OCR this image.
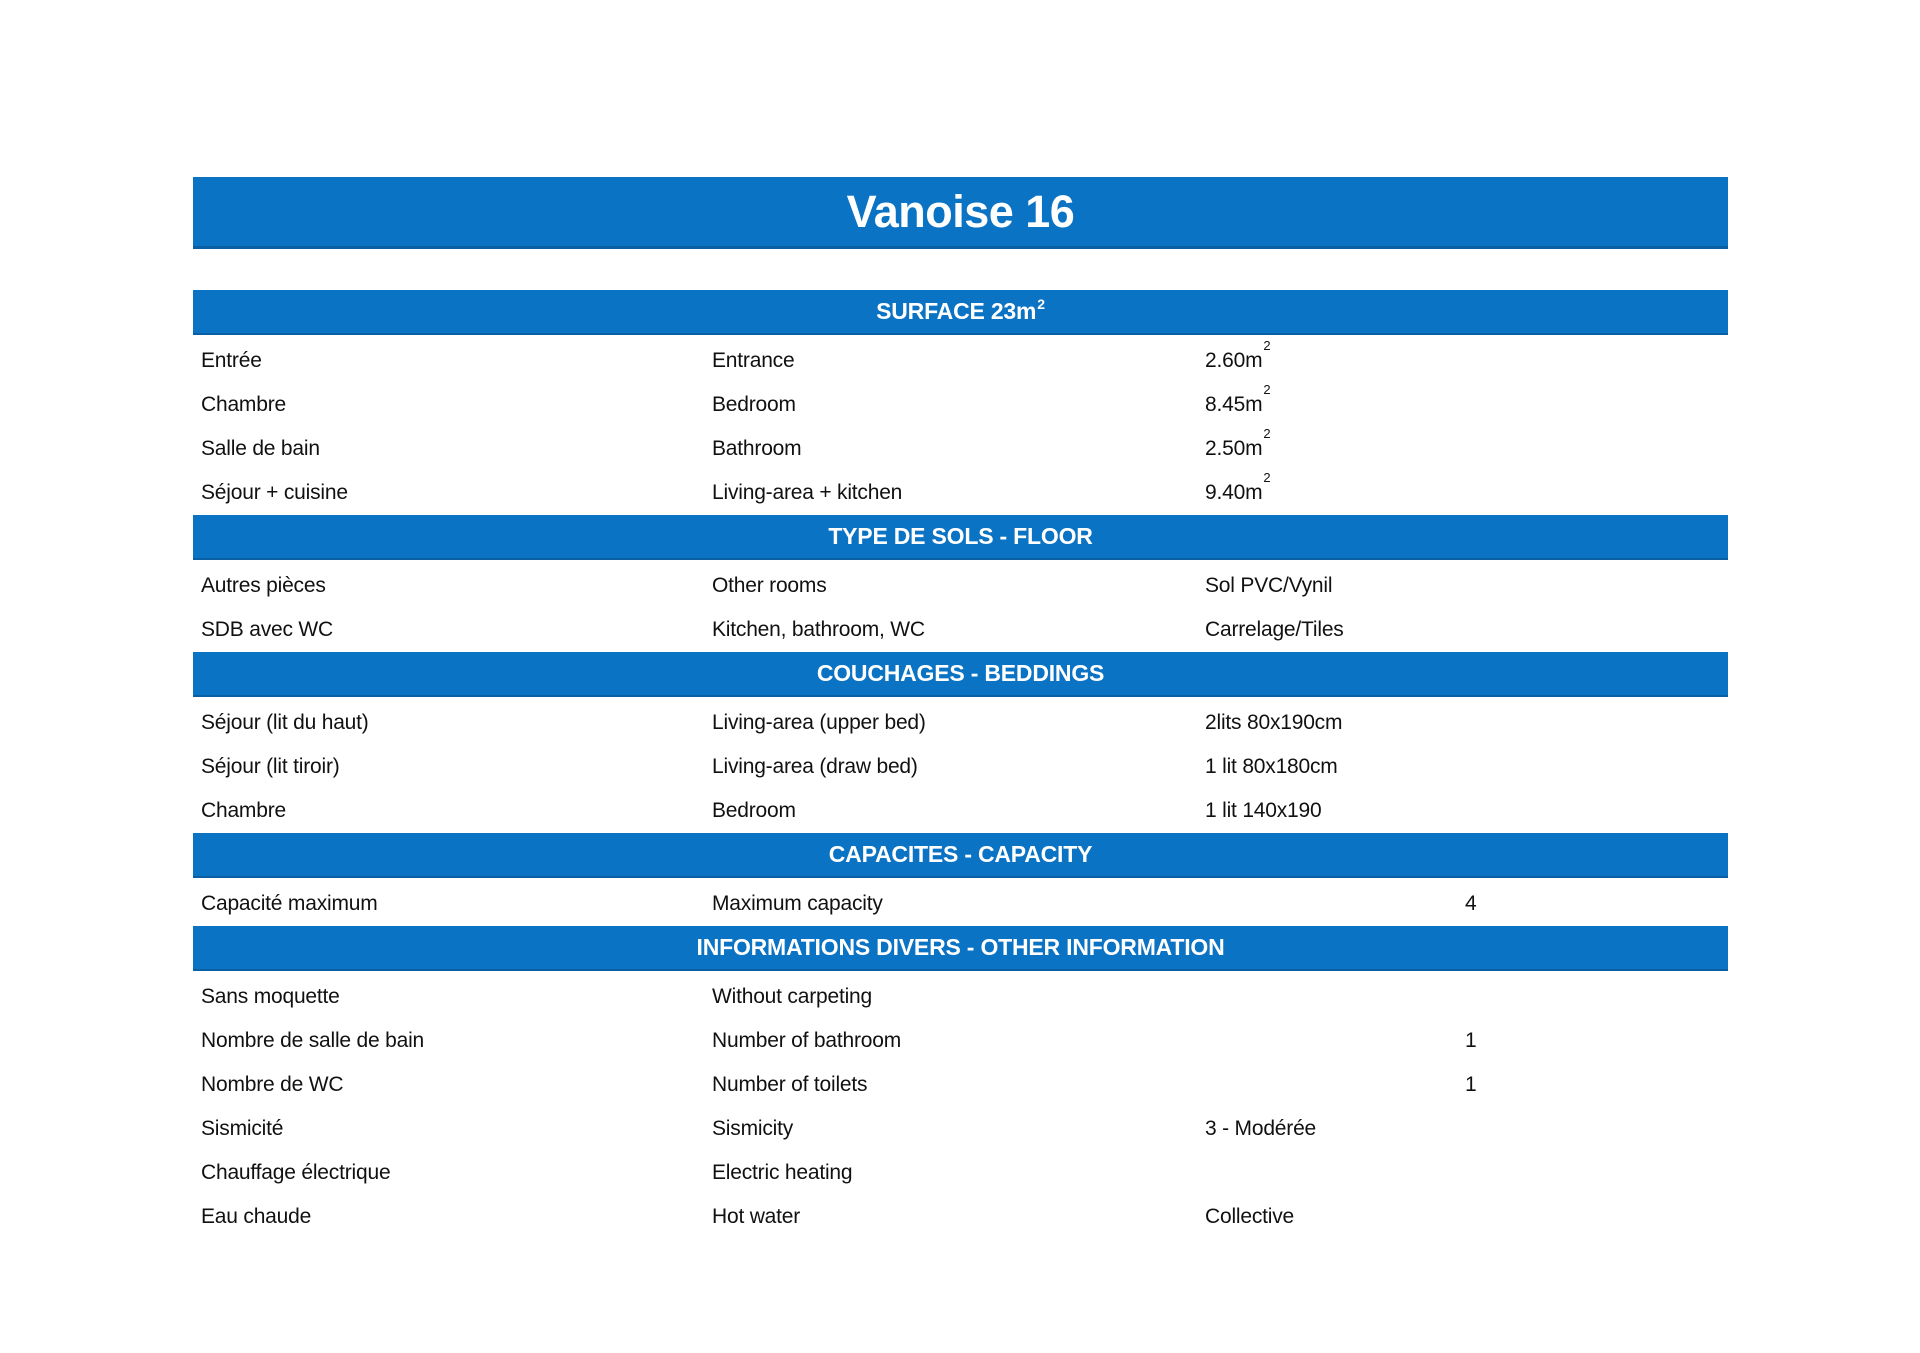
Vanoise 16
SURFACE $23m^2$
Entrée	Entrance	$2.60m^2$
Chambre	Bedroom	$8.45m^2$
Salle de bain	Bathroom	$2.50m^2$
Séjour + cuisine	Living-area + kitchen	$9.40m^2$
TYPE DE SOLS - FLOOR
Autres pièces	Other rooms	Sol PVC/Vynil
SDB avec WC	Kitchen, bathroom, WC	Carrelage/Tiles
COUCHAGES - BEDDINGS
Séjour (lit du haut)	Living-area (upper bed)	2lits 80x190cm
Séjour (lit tiroir)	Living-area (draw bed)	1 lit 80x180cm
Chambre	Bedroom	1 lit 140x190
CAPACITES - CAPACITY
Capacité maximum	Maximum capacity	4
INFORMATIONS DIVERS - OTHER INFORMATION
Sans moquette	Without carpeting
Nombre de salle de bain	Number of bathroom	1
Nombre de WC	Number of toilets	1
Sismicité	Sismicity	3 - Modérée
Chauffage électrique	Electric heating
Eau chaude	Hot water	Collective
